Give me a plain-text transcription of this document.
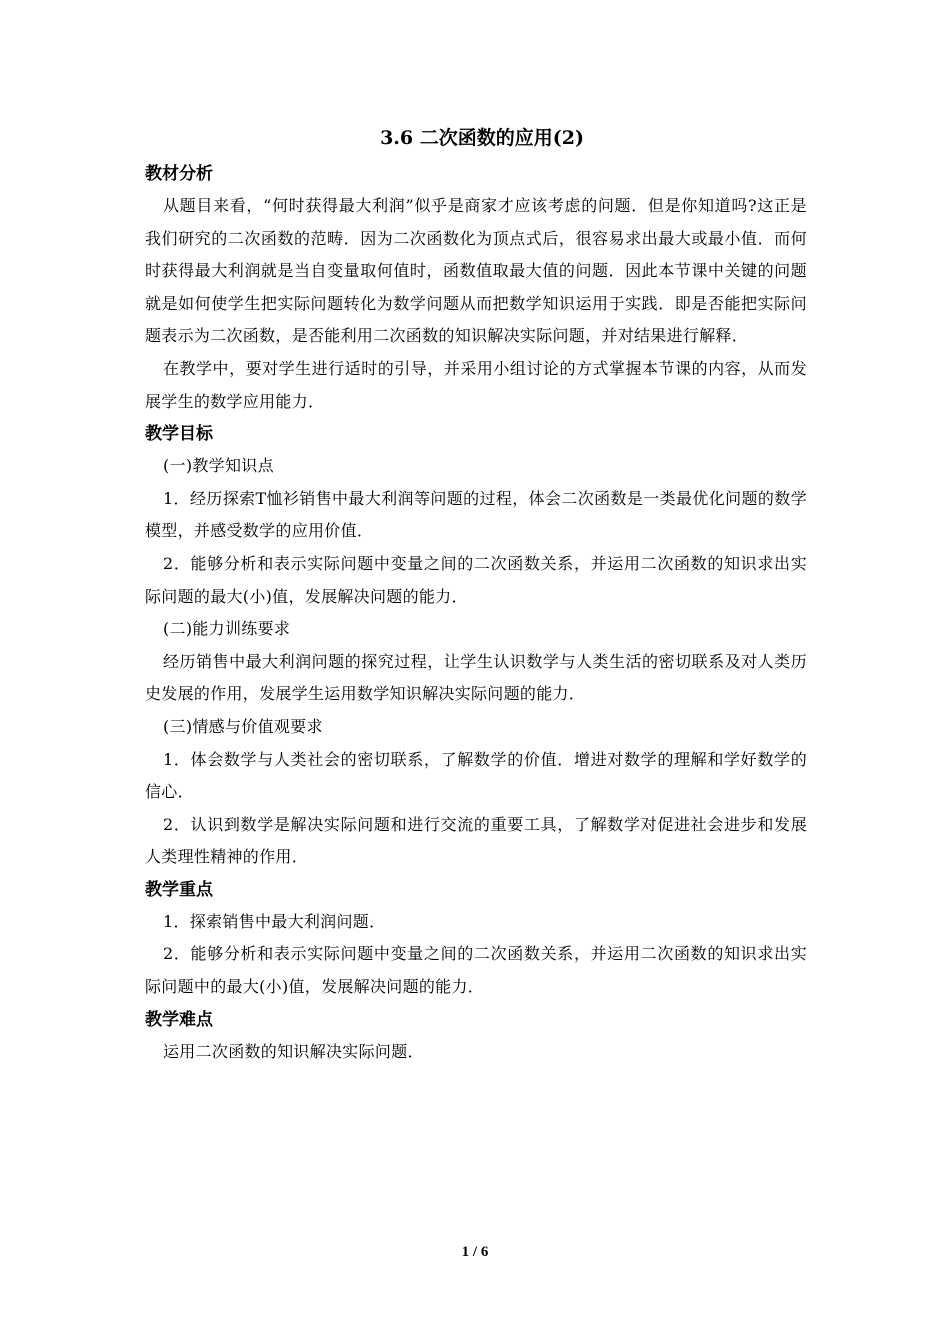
3.6 二次函数的应用(2)
教材分析

从题目来看，“何时获得最大利润”似乎是商家才应该考虑的问题．但是你知道吗?这正是我们研究的二次函数的范畴．因为二次函数化为顶点式后，很容易求出最大或最小值．而何时获得最大利润就是当自变量取何值时，函数值取最大值的问题．因此本节课中关键的问题就是如何使学生把实际问题转化为数学问题从而把数学知识运用于实践．即是否能把实际问题表示为二次函数，是否能利用二次函数的知识解决实际问题，并对结果进行解释．

在教学中，要对学生进行适时的引导，并采用小组讨论的方式掌握本节课的内容，从而发展学生的数学应用能力．

教学目标

(一)教学知识点

1．经历探索T恤衫销售中最大利润等问题的过程，体会二次函数是一类最优化问题的数学模型，并感受数学的应用价值．

2．能够分析和表示实际问题中变量之间的二次函数关系，并运用二次函数的知识求出实际问题的最大(小)值，发展解决问题的能力．

(二)能力训练要求

经历销售中最大利润问题的探究过程，让学生认识数学与人类生活的密切联系及对人类历史发展的作用，发展学生运用数学知识解决实际问题的能力．

(三)情感与价值观要求

1．体会数学与人类社会的密切联系，了解数学的价值．增进对数学的理解和学好数学的信心．

2．认识到数学是解决实际问题和进行交流的重要工具，了解数学对促进社会进步和发展人类理性精神的作用．

教学重点

1．探索销售中最大利润问题．

2．能够分析和表示实际问题中变量之间的二次函数关系，并运用二次函数的知识求出实际问题中的最大(小)值，发展解决问题的能力．

教学难点

运用二次函数的知识解决实际问题．

1 / 6
